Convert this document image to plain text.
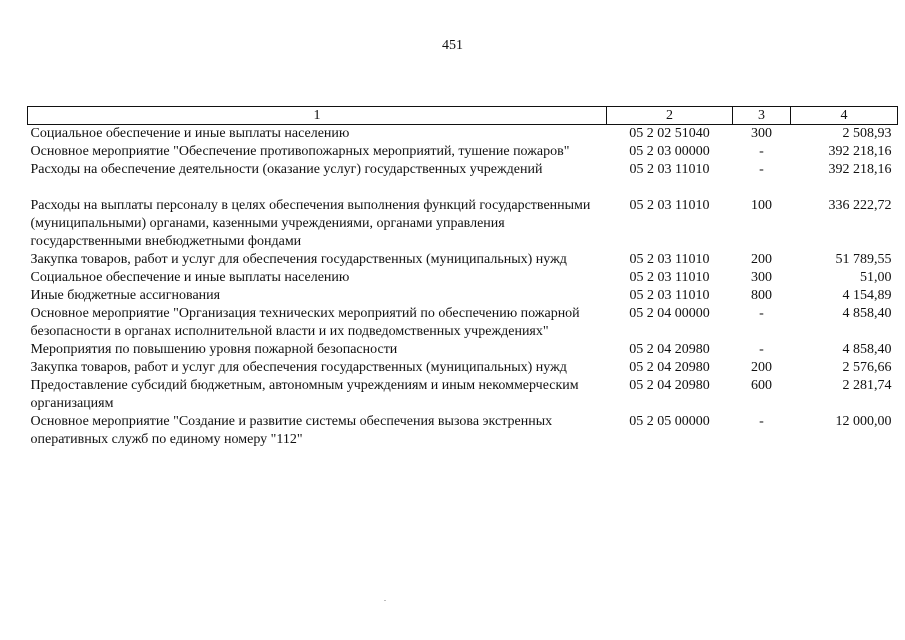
451
1	2	3	4
Социальное обеспечение и иные выплаты населению	05 2 02 51040	300	2 508,93
Основное мероприятие "Обеспечение противопожарных мероприятий, тушение пожаров"	05 2 03 00000	-	392 218,16
Расходы на обеспечение деятельности (оказание услуг) государственных учреждений	05 2 03 11010	-	392 218,16
Расходы на выплаты персоналу в целях обеспечения выполнения функций государственными (муниципальными) органами, казенными учреждениями, органами управления государственными внебюджетными фондами	05 2 03 11010	100	336 222,72
Закупка товаров, работ и услуг для обеспечения государственных (муниципальных) нужд	05 2 03 11010	200	51 789,55
Социальное обеспечение и иные выплаты населению	05 2 03 11010	300	51,00
Иные бюджетные ассигнования	05 2 03 11010	800	4 154,89
Основное мероприятие "Организация технических мероприятий по обеспечению пожарной безопасности в органах исполнительной власти и их подведомственных учреждениях"	05 2 04 00000	-	4 858,40
Мероприятия по повышению уровня пожарной безопасности	05 2 04 20980	-	4 858,40
Закупка товаров, работ и услуг для обеспечения государственных (муниципальных) нужд	05 2 04 20980	200	2 576,66
Предоставление субсидий бюджетным, автономным учреждениям и иным некоммерческим организациям	05 2 04 20980	600	2 281,74
Основное мероприятие "Создание и развитие системы обеспечения вызова экстренных оперативных служб по единому номеру "112"	05 2 05 00000	-	12 000,00
